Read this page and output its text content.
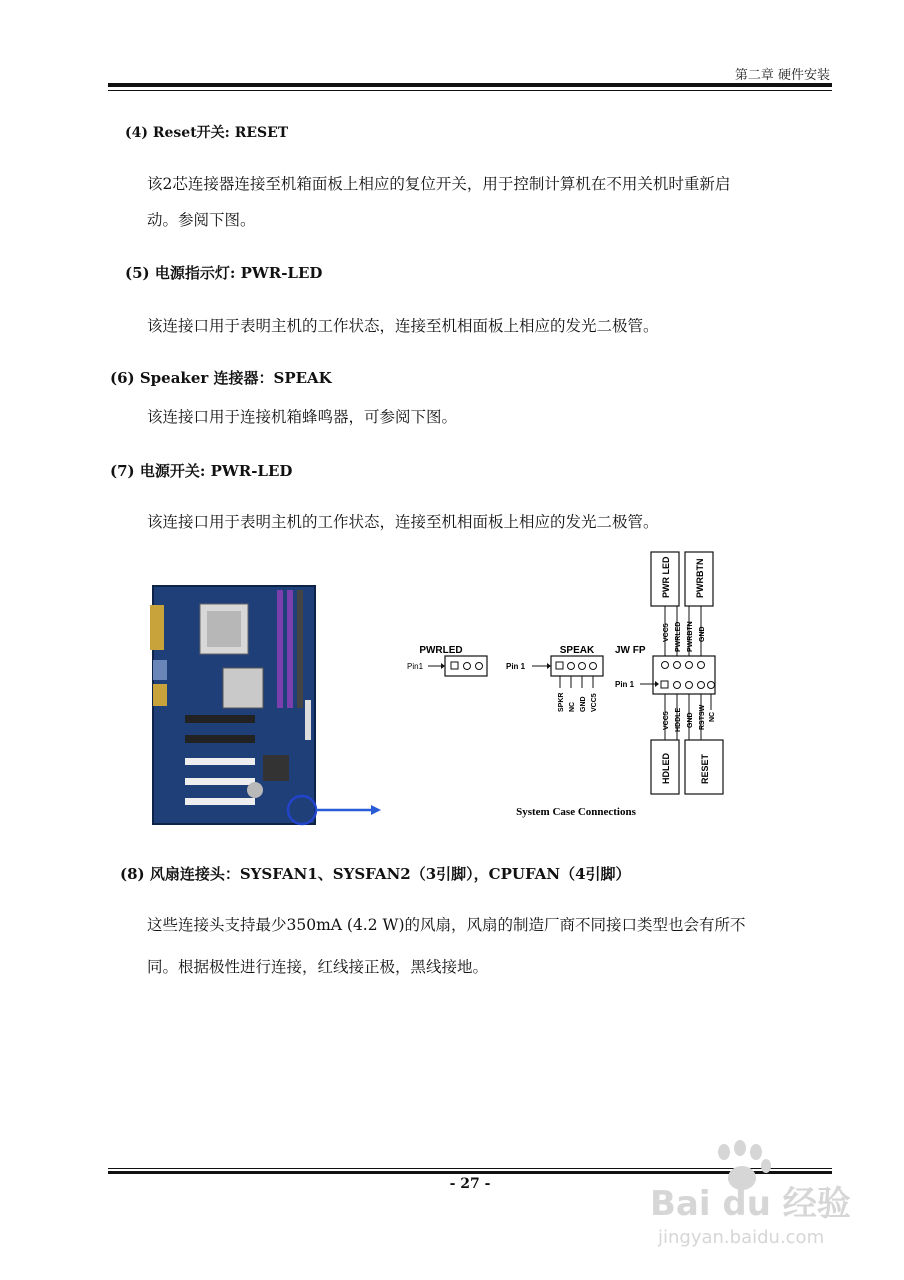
第二章 硬件安装
(4) Reset开关: RESET
该2芯连接器连接至机箱面板上相应的复位开关，用于控制计算机在不用关机时重新启
动。参阅下图。
(5) 电源指示灯: PWR-LED
该连接口用于表明主机的工作状态，连接至机相面板上相应的发光二极管。
(6) Speaker 连接器：SPEAK
该连接口用于连接机箱蜂鸣器，可参阅下图。
(7) 电源开关: PWR-LED
该连接口用于表明主机的工作状态，连接至机相面板上相应的发光二极管。
PWRLED
Pin1
SPEAK
Pin 1
SPKR NC GND VCC5
JW FP
Pin 1
VCC5 PWRLED PWRBTN GND
PWR LED	PWRBTN
VCC5 HDDLE GND RSTSW NC
HDLED	RESET
System Case Connections
(8) 风扇连接头：SYSFAN1、SYSFAN2（3引脚），CPUFAN（4引脚）
这些连接头支持最少350mA (4.2 W)的风扇，风扇的制造厂商不同接口类型也会有所不
同。根据极性进行连接，红线接正极，黑线接地。
- 27 -	Bai du 经验
jingyan.baidu.com
